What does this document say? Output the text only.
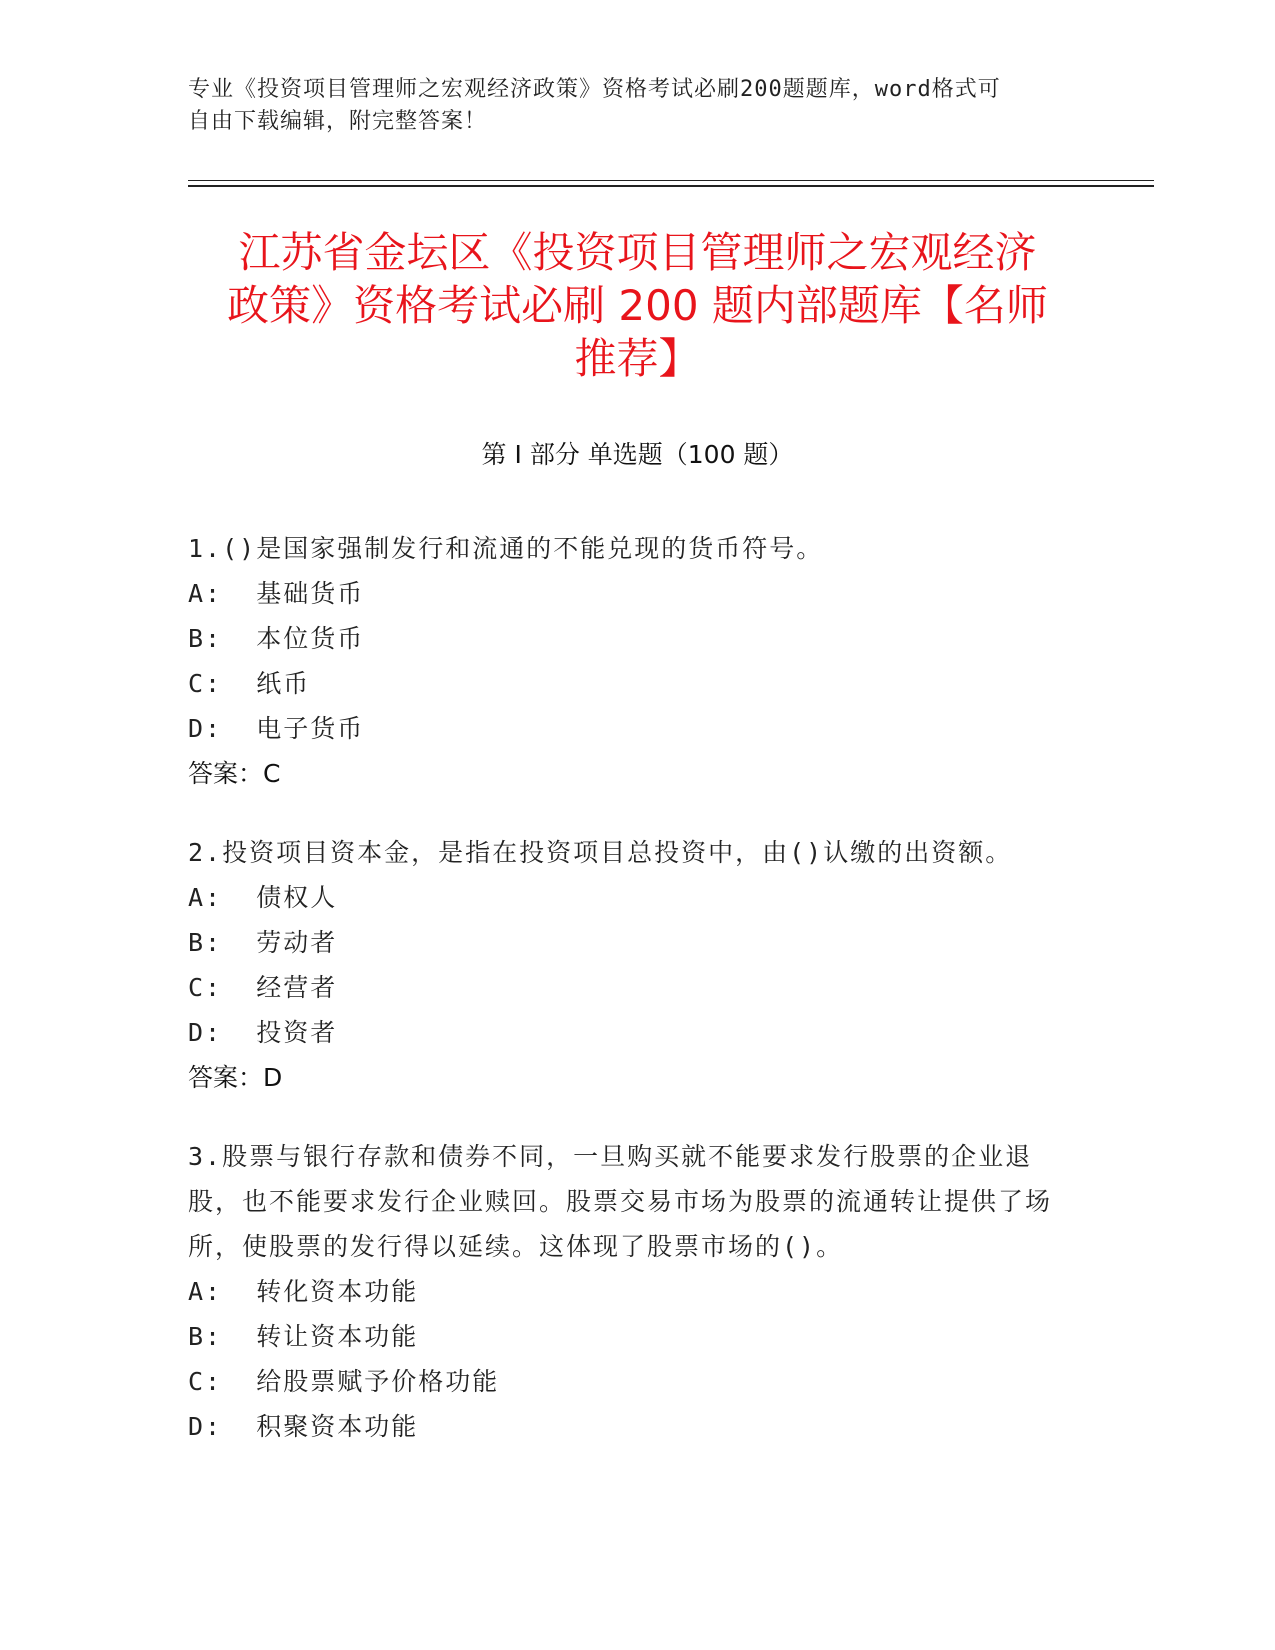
专业《投资项目管理师之宏观经济政策》资格考试必刷200题题库，word格式可
自由下载编辑，附完整答案！
江苏省金坛区《投资项目管理师之宏观经济
政策》资格考试必刷 200 题内部题库【名师
推荐】
第 I 部分 单选题（100 题）

1.()是国家强制发行和流通的不能兑现的货币符号。

A:  基础货币

B:  本位货币

C:  纸币

D:  电子货币

答案：C

2.投资项目资本金，是指在投资项目总投资中，由()认缴的出资额。

A:  债权人

B:  劳动者

C:  经营者

D:  投资者

答案：D

3.股票与银行存款和债券不同，一旦购买就不能要求发行股票的企业退股，也不能要求发行企业赎回。股票交易市场为股票的流通转让提供了场所，使股票的发行得以延续。这体现了股票市场的()。

A:  转化资本功能

B:  转让资本功能

C:  给股票赋予价格功能

D:  积聚资本功能
